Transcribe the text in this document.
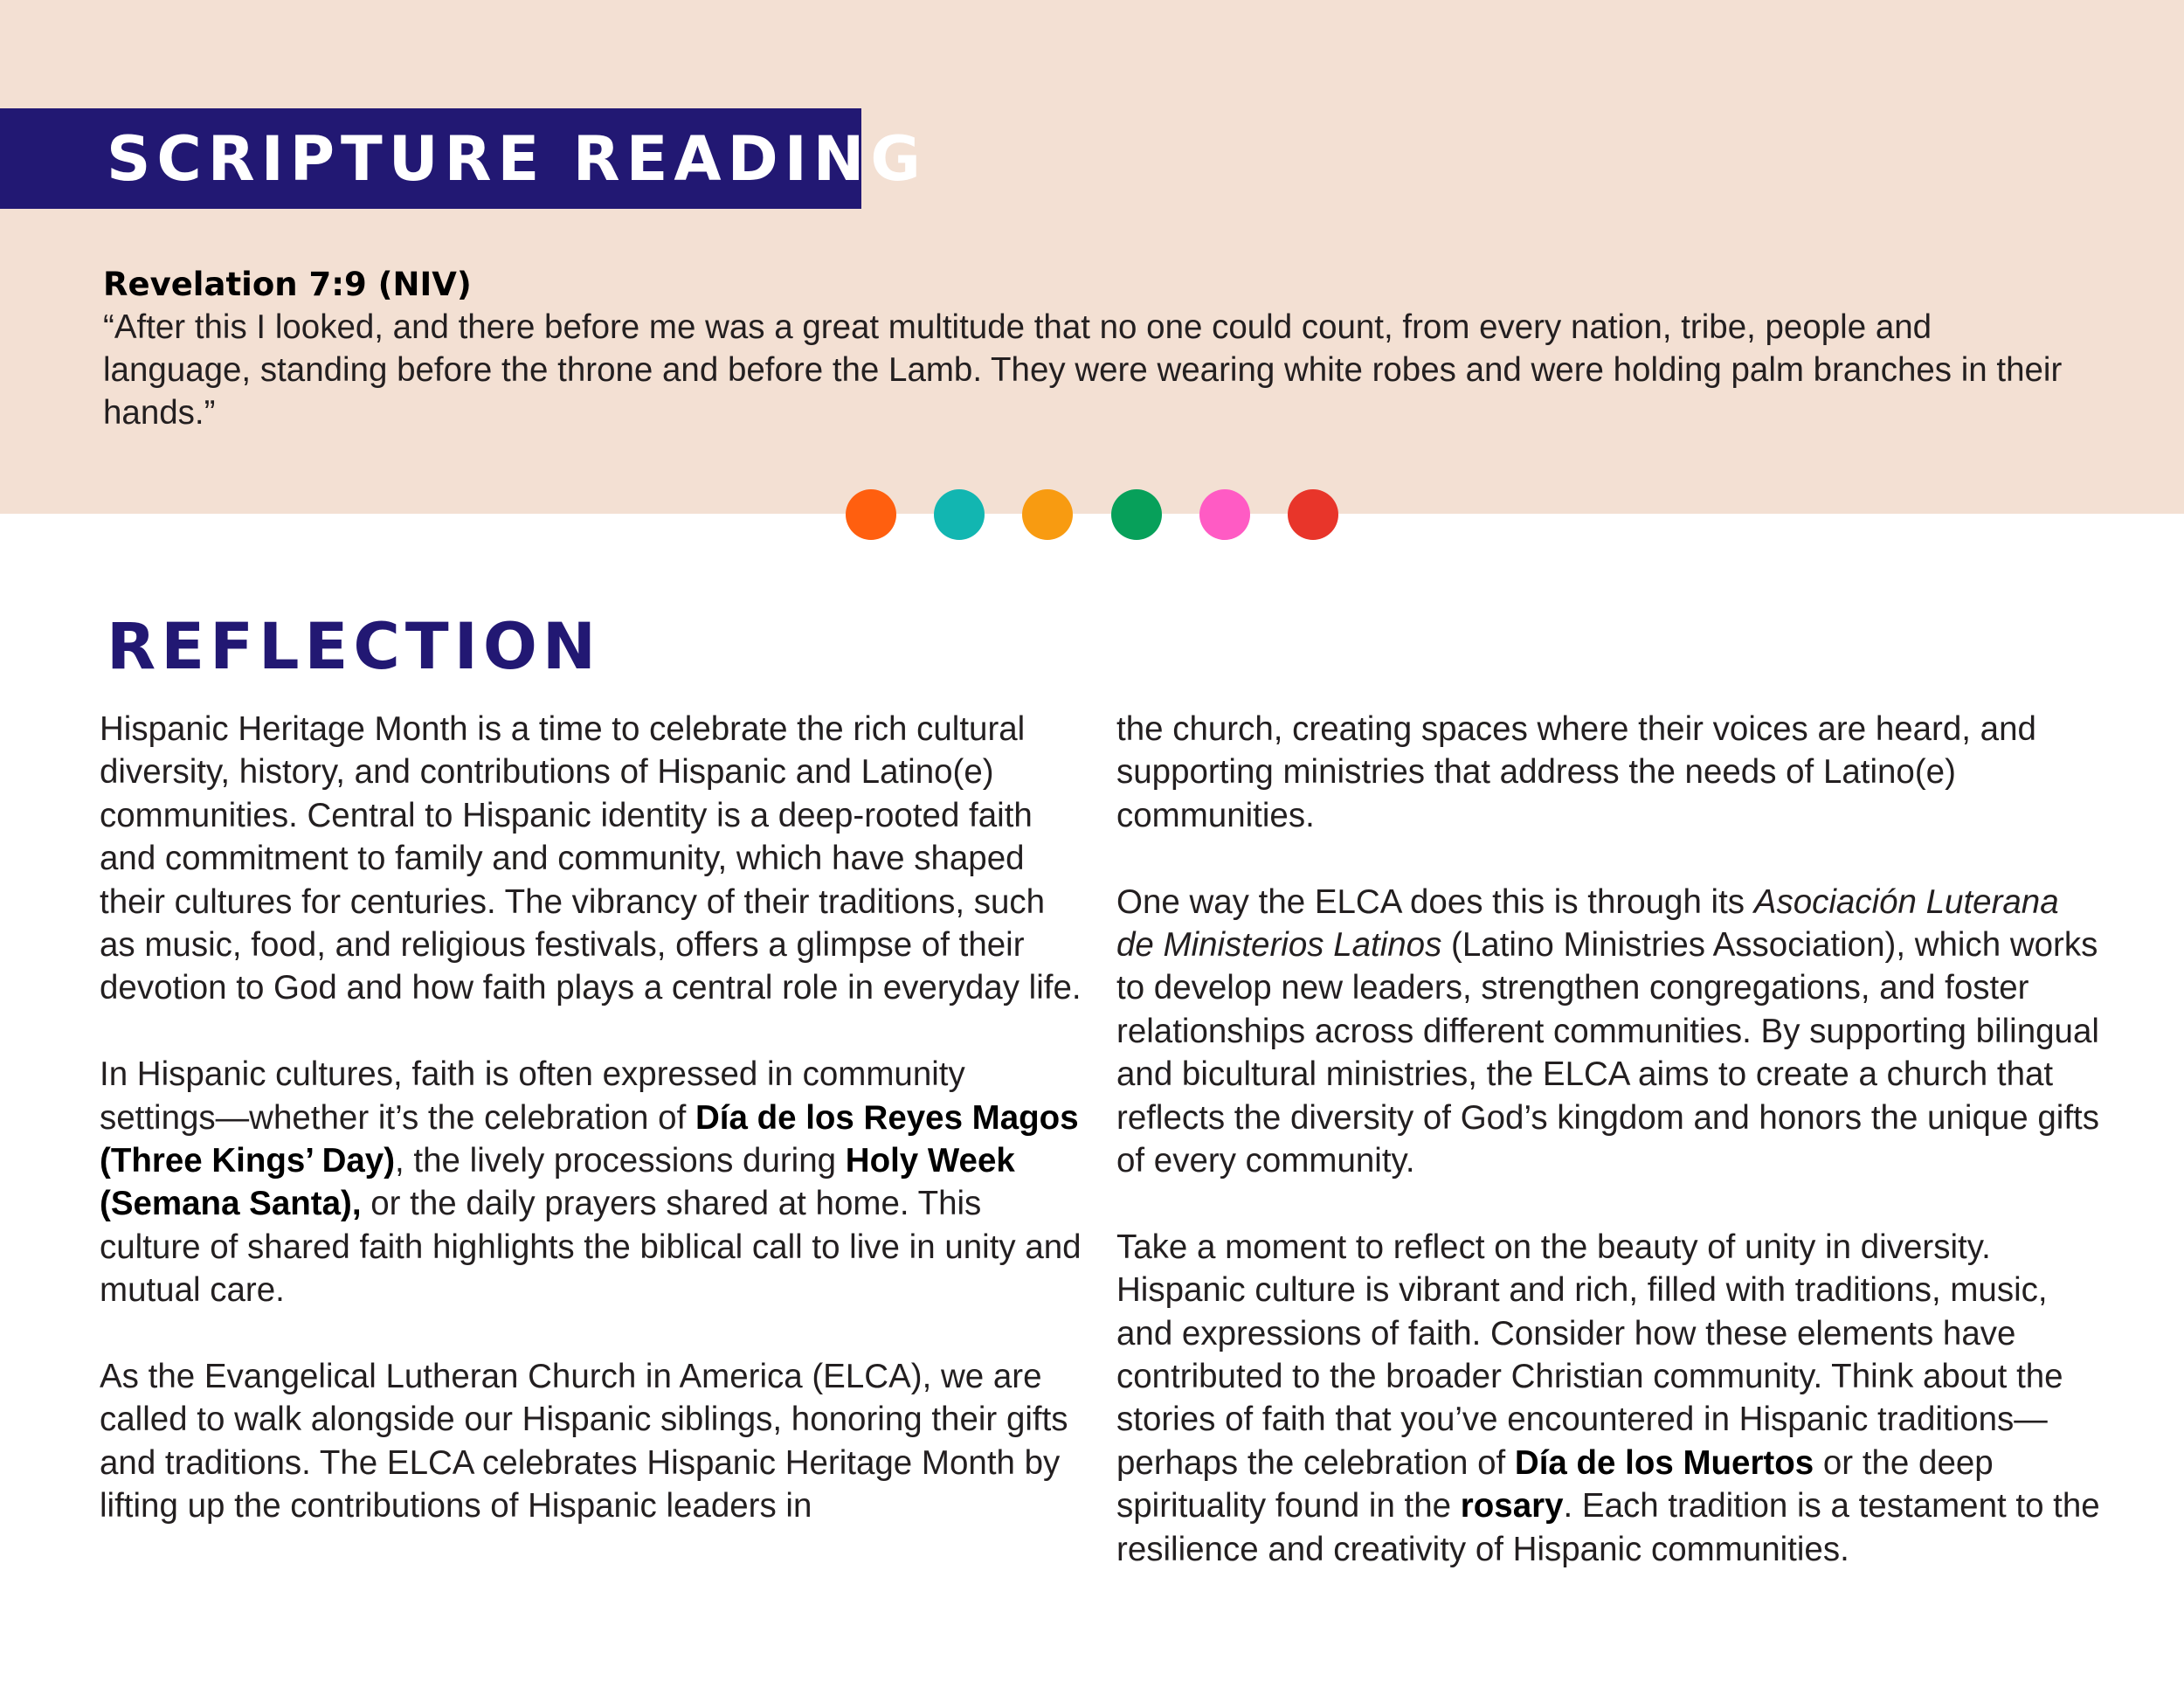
SCRIPTURE READING
Revelation 7:9 (NIV)
“After this I looked, and there before me was a great multitude that no one could count, from every nation, tribe, people and language, standing before the throne and before the Lamb. They were wearing white robes and were holding palm branches in their hands.”
REFLECTION

Hispanic Heritage Month is a time to celebrate the rich cultural diversity, history, and contributions of Hispanic and Latino(e) communities. Central to Hispanic identity is a deep-rooted faith and commitment to family and community, which have shaped their cultures for centuries. The vibrancy of their traditions, such as music, food, and religious festivals, offers a glimpse of their devotion to God and how faith plays a central role in everyday life.

In Hispanic cultures, faith is often expressed in community settings—whether it’s the celebration of Día de los Reyes Magos (Three Kings’ Day), the lively processions during Holy Week (Semana Santa), or the daily prayers shared at home. This culture of shared faith highlights the biblical call to live in unity and mutual care.

As the Evangelical Lutheran Church in America (ELCA), we are called to walk alongside our Hispanic siblings, honoring their gifts and traditions. The ELCA celebrates Hispanic Heritage Month by lifting up the contributions of Hispanic leaders in

the church, creating spaces where their voices are heard, and supporting ministries that address the needs of Latino(e) communities.

One way the ELCA does this is through its Asociación Luterana de Ministerios Latinos (Latino Ministries Association), which works to develop new leaders, strengthen congregations, and foster relationships across different communities. By supporting bilingual and bicultural ministries, the ELCA aims to create a church that reflects the diversity of God’s kingdom and honors the unique gifts of every community.

Take a moment to reflect on the beauty of unity in diversity. Hispanic culture is vibrant and rich, filled with traditions, music, and expressions of faith. Consider how these elements have contributed to the broader Christian community. Think about the stories of faith that you’ve encountered in Hispanic traditions—perhaps the celebration of Día de los Muertos or the deep spirituality found in the rosary. Each tradition is a testament to the resilience and creativity of Hispanic communities.
